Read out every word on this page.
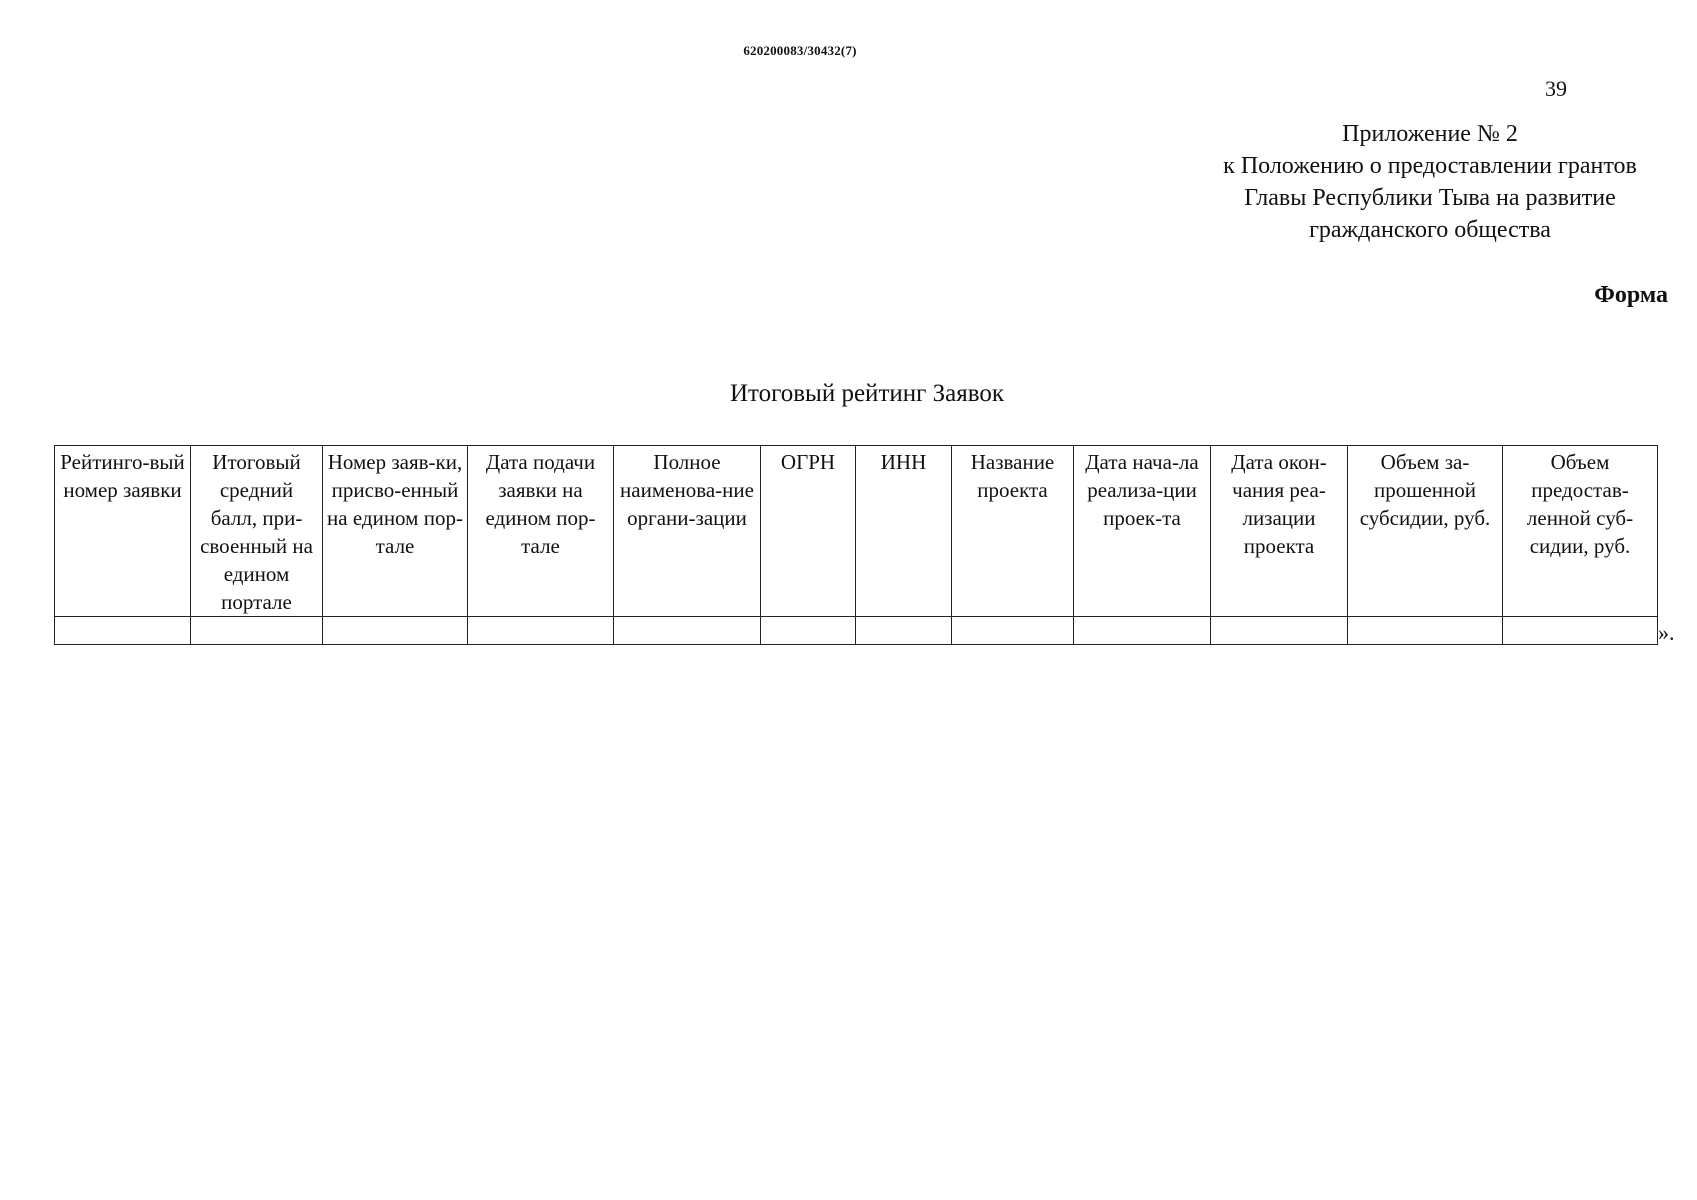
620200083/30432(7)
39
Приложение № 2
к Положению о предоставлении грантов
Главы Республики Тыва на развитие
гражданского общества
Форма
Итоговый рейтинг Заявок
Рейтинго-вый номер заявки	Итоговый средний балл, при-своенный на едином портале	Номер заяв-ки, присво-енный на едином пор-тале	Дата подачи заявки на едином пор-тале	Полное наименова-ние органи-зации	ОГРН	ИНН	Название проекта	Дата нача-ла реализа-ции проек-та	Дата окон-чания реа-лизации проекта	Объем за-прошенной субсидии, руб.	Объем предостав-ленной суб-сидии, руб.

».
